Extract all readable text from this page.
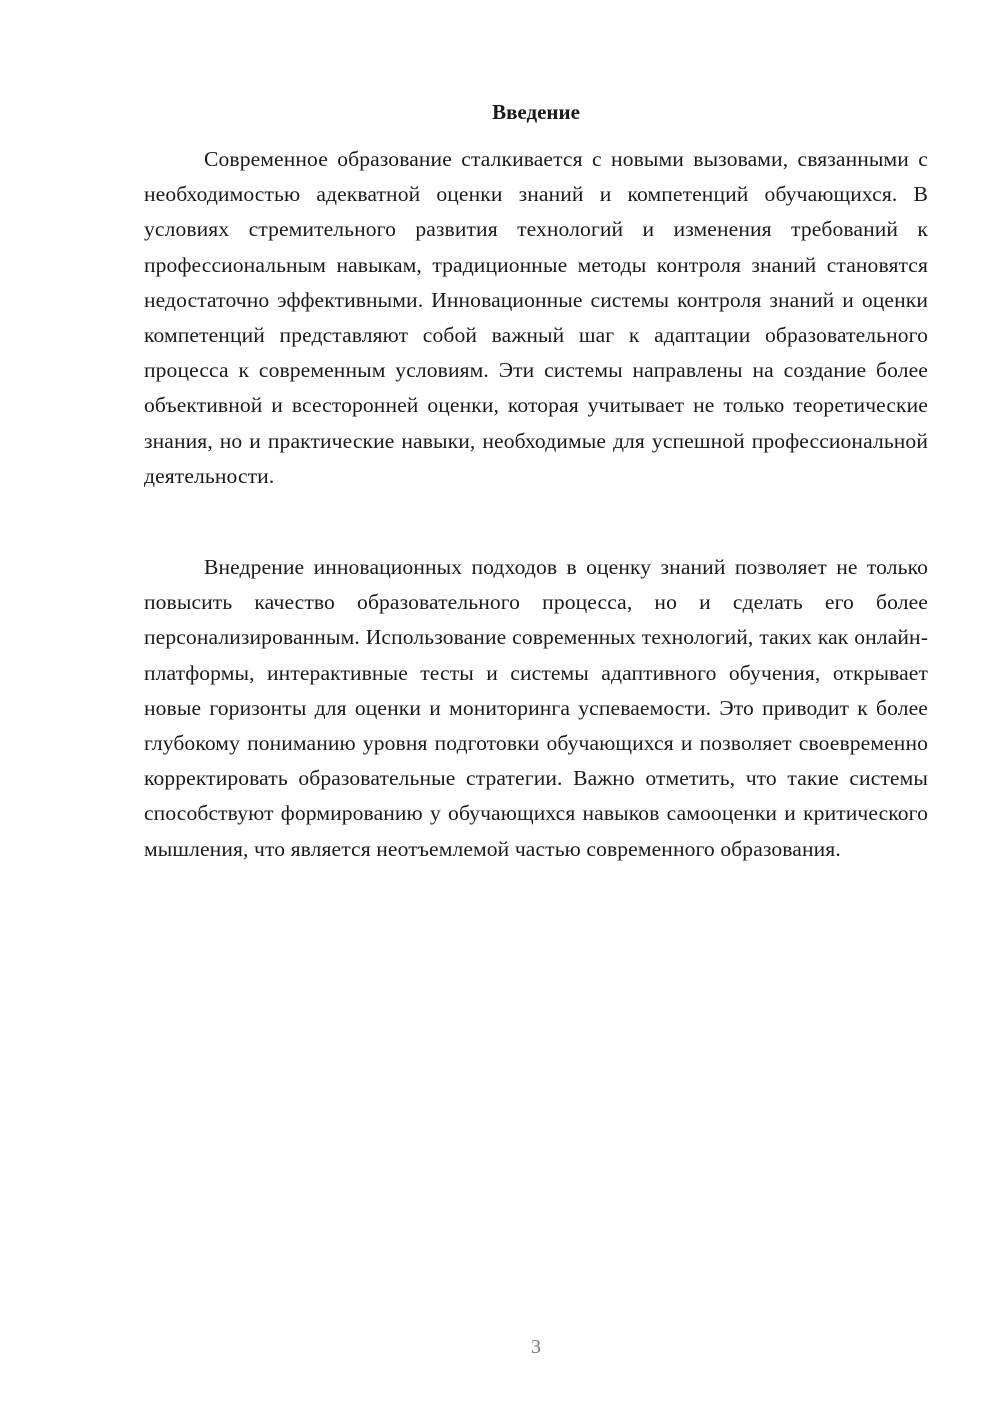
Введение

Современное образование сталкивается с новыми вызовами, связанными с необходимостью адекватной оценки знаний и компетенций обучающихся. В условиях стремительного развития технологий и изменения требований к профессиональным навыкам, традиционные методы контроля знаний становятся недостаточно эффективными. Инновационные системы контроля знаний и оценки компетенций представляют собой важный шаг к адаптации образовательного процесса к современным условиям. Эти системы направлены на создание более объективной и всесторонней оценки, которая учитывает не только теоретические знания, но и практические навыки, необходимые для успешной профессиональной деятельности.

Внедрение инновационных подходов в оценку знаний позволяет не только повысить качество образовательного процесса, но и сделать его более персонализированным. Использование современных технологий, таких как онлайн-платформы, интерактивные тесты и системы адаптивного обучения, открывает новые горизонты для оценки и мониторинга успеваемости. Это приводит к более глубокому пониманию уровня подготовки обучающихся и позволяет своевременно корректировать образовательные стратегии. Важно отметить, что такие системы способствуют формированию у обучающихся навыков самооценки и критического мышления, что является неотъемлемой частью современного образования.

3
